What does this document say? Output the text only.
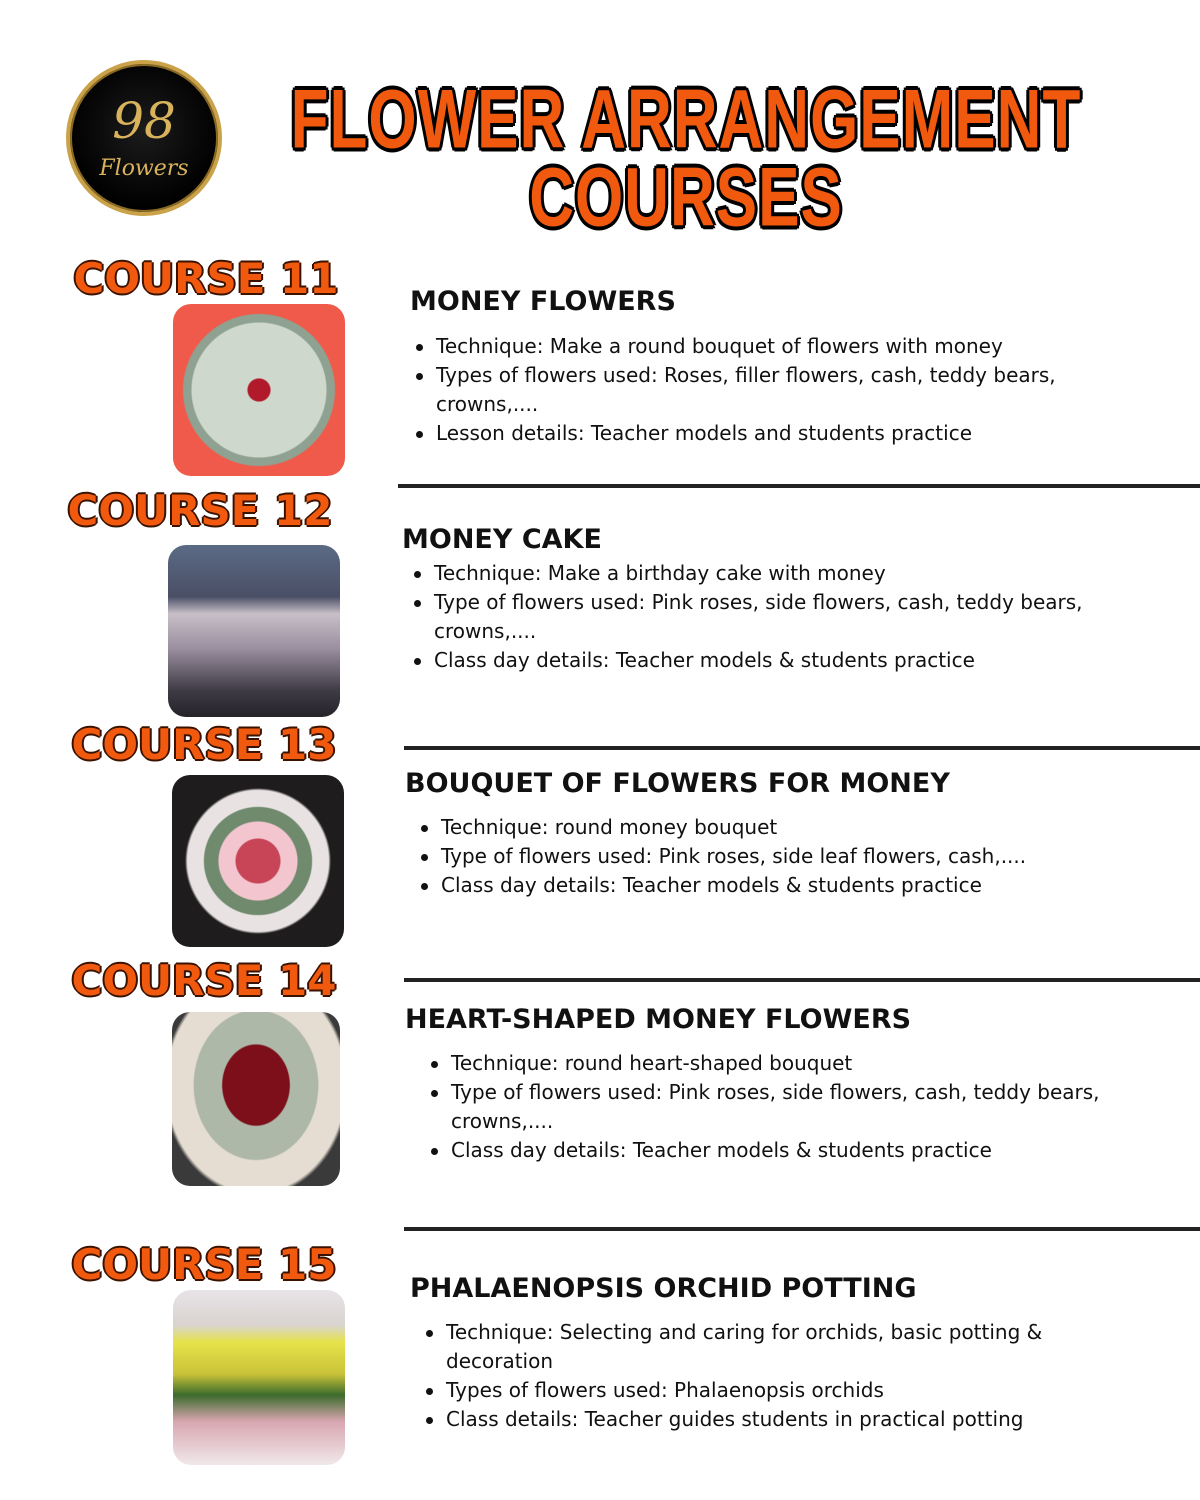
98
Flowers
FLOWER ARRANGEMENT
COURSES
COURSE 11	MONEY FLOWERS
Technique: Make a round bouquet of flowers with money
Types of flowers used: Roses, filler flowers, cash, teddy bears, crowns,....
Lesson details: Teacher models and students practice
COURSE 12
MONEY CAKE
Technique: Make a birthday cake with money
Type of flowers used: Pink roses, side flowers, cash, teddy bears, crowns,....
Class day details: Teacher models & students practice
COURSE 13
BOUQUET OF FLOWERS FOR MONEY
Technique: round money bouquet
Type of flowers used: Pink roses, side leaf flowers, cash,....
Class day details: Teacher models & students practice
COURSE 14
HEART-SHAPED MONEY FLOWERS
Technique: round heart-shaped bouquet
Type of flowers used: Pink roses, side flowers, cash, teddy bears, crowns,....
Class day details: Teacher models & students practice
COURSE 15	PHALAENOPSIS ORCHID POTTING
Technique: Selecting and caring for orchids, basic potting & decoration
Types of flowers used: Phalaenopsis orchids
Class details: Teacher guides students in practical potting
